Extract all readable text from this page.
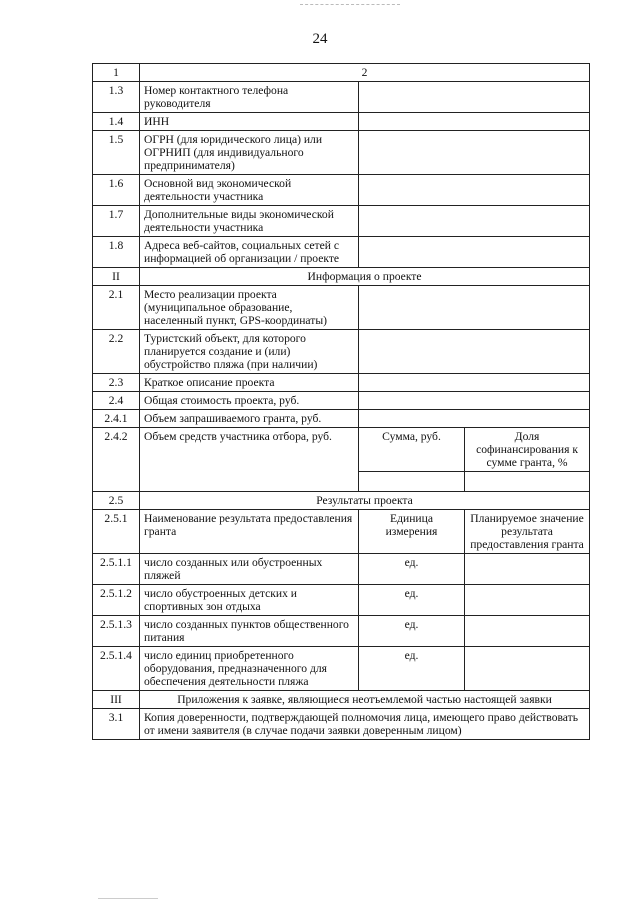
24
1	2		
1.3	Номер контактного телефона руководителя		
1.4	ИНН		
1.5	ОГРН (для юридического лица) или ОГРНИП (для индивидуального предпринимателя)		
1.6	Основной вид экономической деятельности участника		
1.7	Дополнительные виды экономической деятельности участника		
1.8	Адреса веб-сайтов, социальных сетей с информацией об организации / проекте		
II	Информация о проекте		
2.1	Место реализации проекта (муниципальное образование, населенный пункт, GPS-координаты)		
2.2	Туристский объект, для которого планируется создание и (или) обустройство пляжа (при наличии)		
2.3	Краткое описание проекта		
2.4	Общая стоимость проекта, руб.		
2.4.1	Объем запрашиваемого гранта, руб.		
2.4.2	Объем средств участника отбора, руб.	Сумма, руб.	Доля софинансирования к сумме гранта, %

2.5	Результаты проекта		
2.5.1	Наименование результата предоставления гранта	Единица измерения	Планируемое значение результата предоставления гранта
2.5.1.1	число созданных или обустроенных пляжей	ед.	
2.5.1.2	число обустроенных детских и спортивных зон отдыха	ед.	
2.5.1.3	число созданных пунктов общественного питания	ед.	
2.5.1.4	число единиц приобретенного оборудования, предназначенного для обеспечения деятельности пляжа	ед.	
III	Приложения к заявке, являющиеся неотъемлемой частью настоящей заявки		
3.1	Копия доверенности, подтверждающей полномочия лица, имеющего право действовать от имени заявителя (в случае подачи заявки доверенным лицом)		
